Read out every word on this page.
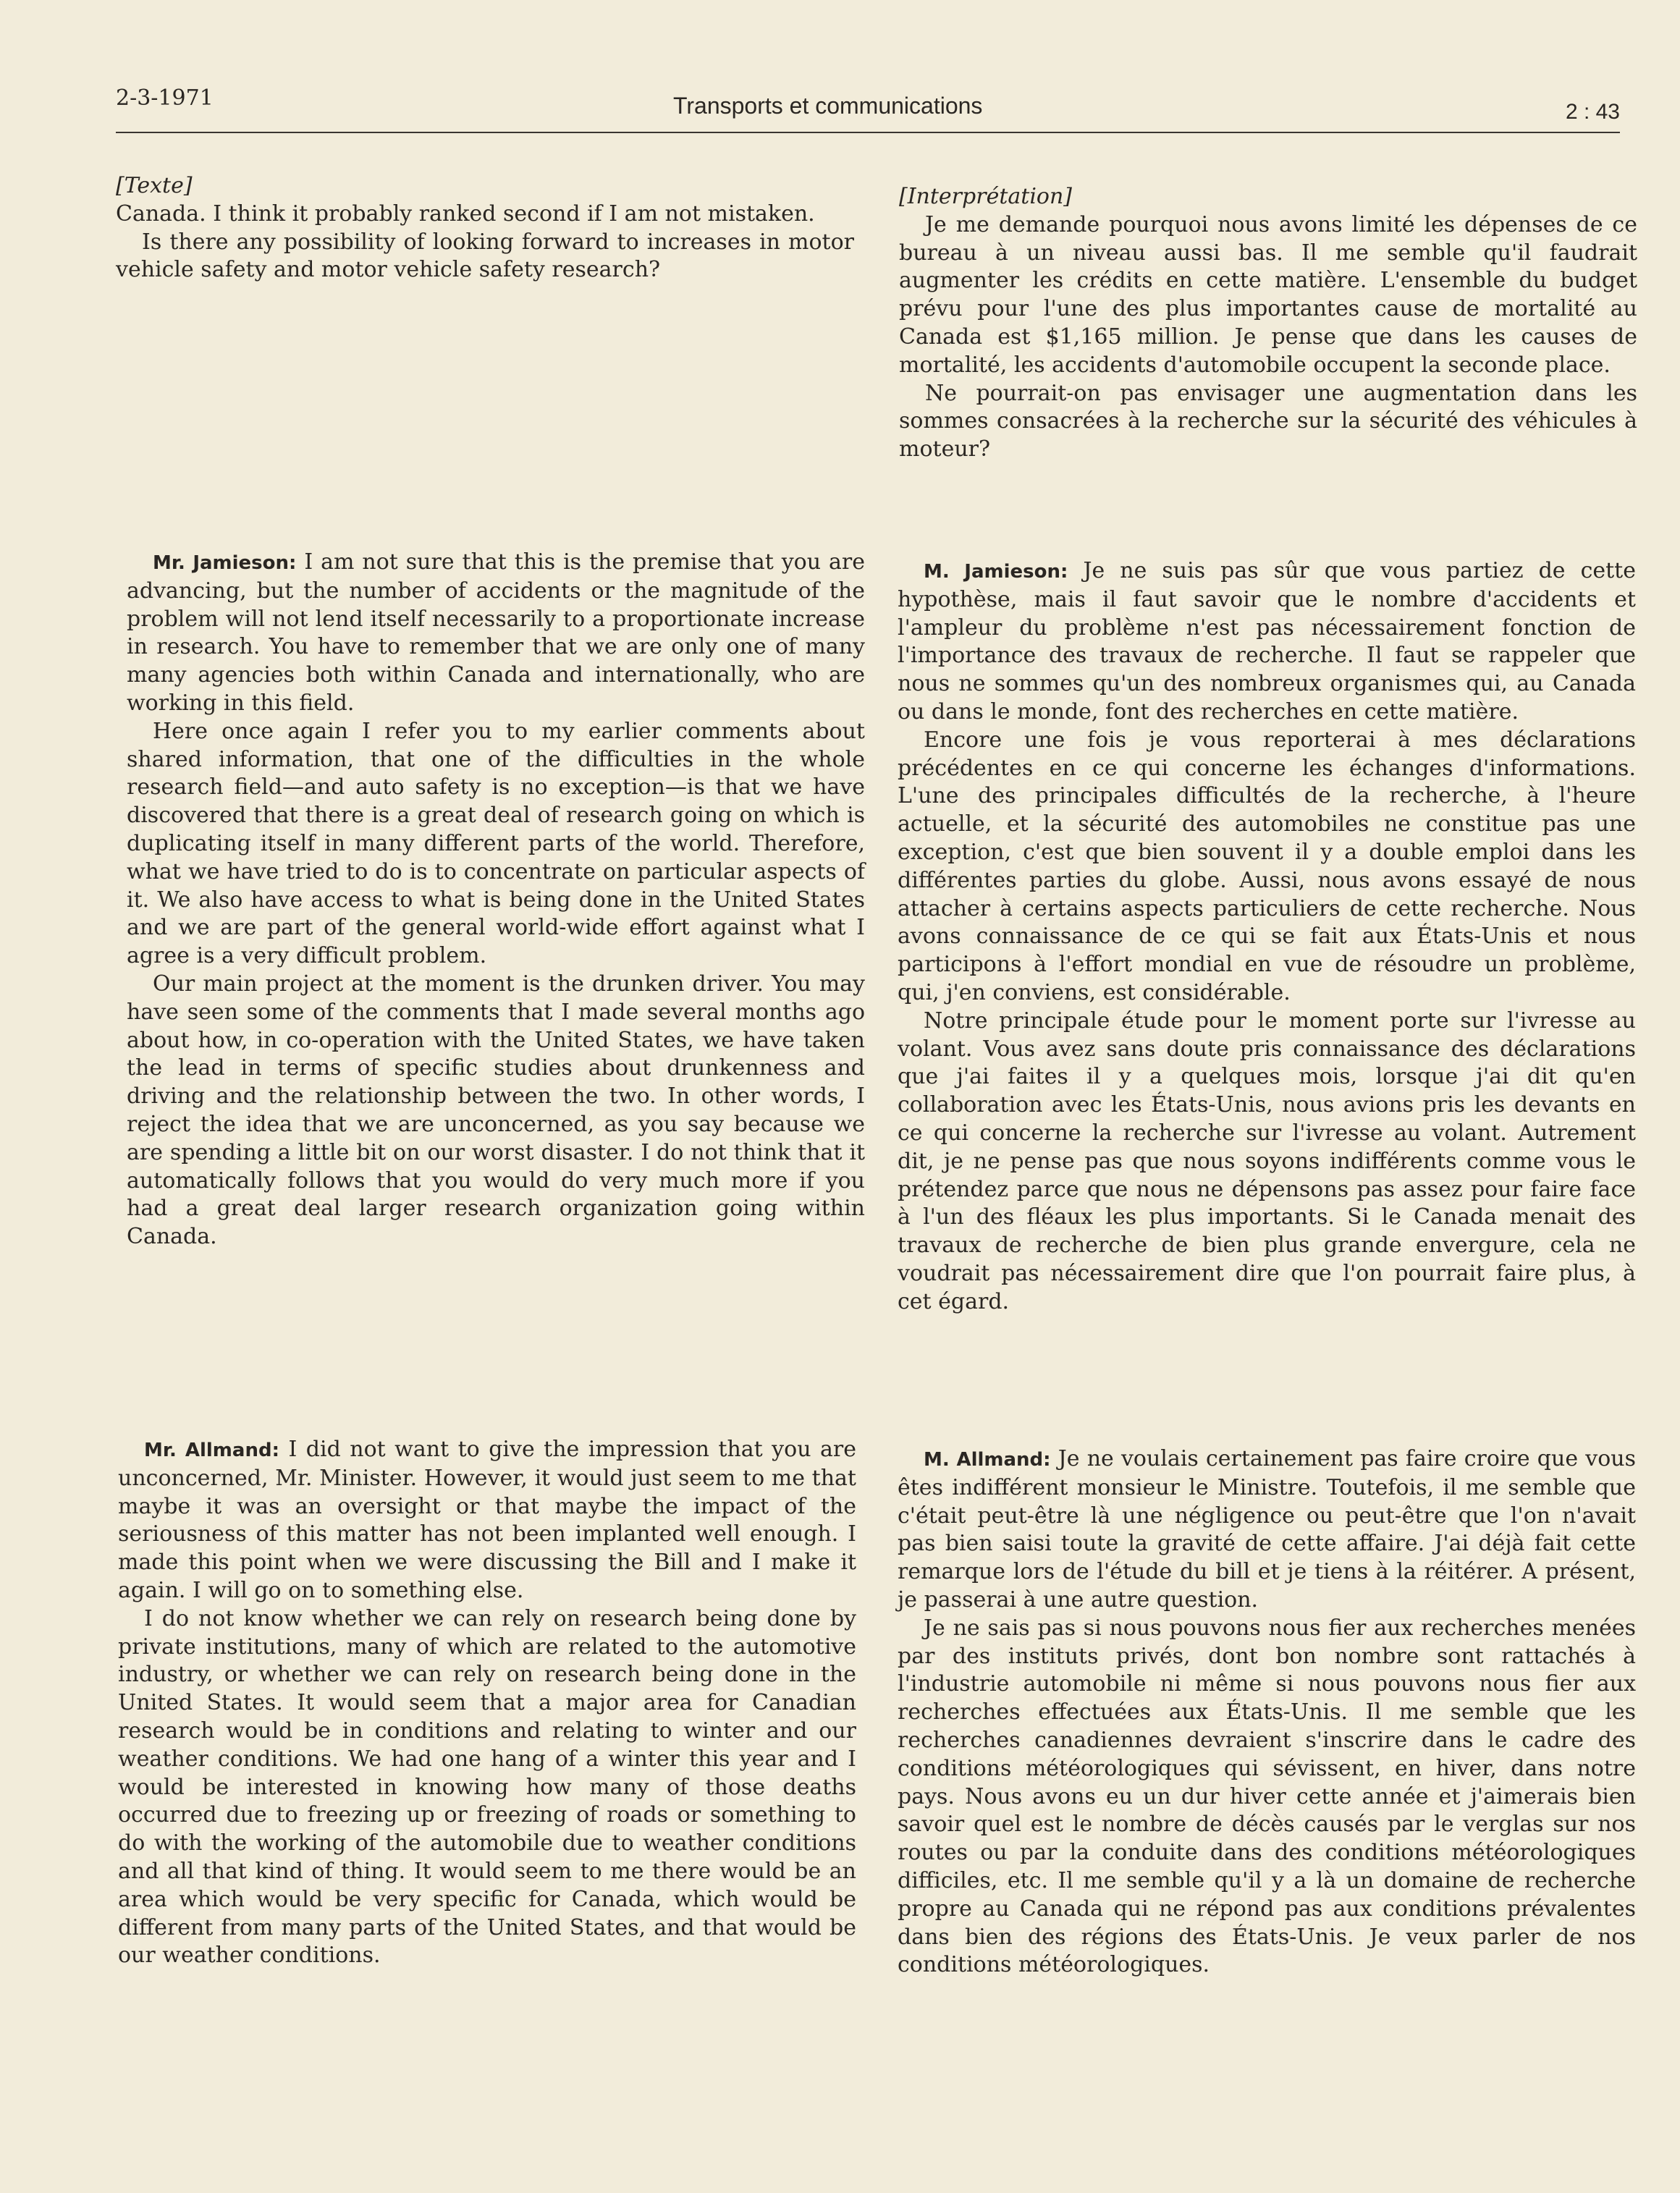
2-3-1971	Transports et communications	2 : 43

[Texte]

Canada. I think it probably ranked second if I am not mistaken.

Is there any possibility of looking forward to increases in motor vehicle safety and motor vehicle safety research?

[Interprétation]

Je me demande pourquoi nous avons limité les dépenses de ce bureau à un niveau aussi bas. Il me semble qu'il faudrait augmenter les crédits en cette matière. L'ensemble du budget prévu pour l'une des plus importantes cause de mortalité au Canada est $1,165 million. Je pense que dans les causes de mortalité, les accidents d'automobile occupent la seconde place.

Ne pourrait-on pas envisager une augmentation dans les sommes consacrées à la recherche sur la sécurité des véhicules à moteur?

Mr. Jamieson: I am not sure that this is the premise that you are advancing, but the number of accidents or the magnitude of the problem will not lend itself necessarily to a proportionate increase in research. You have to remember that we are only one of many many agencies both within Canada and internationally, who are working in this field.

Here once again I refer you to my earlier comments about shared information, that one of the difficulties in the whole research field—and auto safety is no exception—is that we have discovered that there is a great deal of research going on which is duplicating itself in many different parts of the world. Therefore, what we have tried to do is to concentrate on particular aspects of it. We also have access to what is being done in the United States and we are part of the general world-wide effort against what I agree is a very difficult problem.

Our main project at the moment is the drunken driver. You may have seen some of the comments that I made several months ago about how, in co-operation with the United States, we have taken the lead in terms of specific studies about drunkenness and driving and the relationship between the two. In other words, I reject the idea that we are unconcerned, as you say because we are spending a little bit on our worst disaster. I do not think that it automatically follows that you would do very much more if you had a great deal larger research organization going within Canada.

M. Jamieson: Je ne suis pas sûr que vous partiez de cette hypothèse, mais il faut savoir que le nombre d'accidents et l'ampleur du problème n'est pas nécessairement fonction de l'importance des travaux de recherche. Il faut se rappeler que nous ne sommes qu'un des nombreux organismes qui, au Canada ou dans le monde, font des recherches en cette matière.

Encore une fois je vous reporterai à mes déclarations précédentes en ce qui concerne les échanges d'informations. L'une des principales difficultés de la recherche, à l'heure actuelle, et la sécurité des automobiles ne constitue pas une exception, c'est que bien souvent il y a double emploi dans les différentes parties du globe. Aussi, nous avons essayé de nous attacher à certains aspects particuliers de cette recherche. Nous avons connaissance de ce qui se fait aux États-Unis et nous participons à l'effort mondial en vue de résoudre un problème, qui, j'en conviens, est considérable.

Notre principale étude pour le moment porte sur l'ivresse au volant. Vous avez sans doute pris connaissance des déclarations que j'ai faites il y a quelques mois, lorsque j'ai dit qu'en collaboration avec les États-Unis, nous avions pris les devants en ce qui concerne la recherche sur l'ivresse au volant. Autrement dit, je ne pense pas que nous soyons indifférents comme vous le prétendez parce que nous ne dépensons pas assez pour faire face à l'un des fléaux les plus importants. Si le Canada menait des travaux de recherche de bien plus grande envergure, cela ne voudrait pas nécessairement dire que l'on pourrait faire plus, à cet égard.

Mr. Allmand: I did not want to give the impression that you are unconcerned, Mr. Minister. However, it would just seem to me that maybe it was an oversight or that maybe the impact of the seriousness of this matter has not been implanted well enough. I made this point when we were discussing the Bill and I make it again. I will go on to something else.

I do not know whether we can rely on research being done by private institutions, many of which are related to the automotive industry, or whether we can rely on research being done in the United States. It would seem that a major area for Canadian research would be in conditions and relating to winter and our weather conditions. We had one hang of a winter this year and I would be interested in knowing how many of those deaths occurred due to freezing up or freezing of roads or something to do with the working of the automobile due to weather conditions and all that kind of thing. It would seem to me there would be an area which would be very specific for Canada, which would be different from many parts of the United States, and that would be our weather conditions.

M. Allmand: Je ne voulais certainement pas faire croire que vous êtes indifférent monsieur le Ministre. Toutefois, il me semble que c'était peut-être là une négligence ou peut-être que l'on n'avait pas bien saisi toute la gravité de cette affaire. J'ai déjà fait cette remarque lors de l'étude du bill et je tiens à la réitérer. A présent, je passerai à une autre question.

Je ne sais pas si nous pouvons nous fier aux recherches menées par des instituts privés, dont bon nombre sont rattachés à l'industrie automobile ni même si nous pouvons nous fier aux recherches effectuées aux États-Unis. Il me semble que les recherches canadiennes devraient s'inscrire dans le cadre des conditions météorologiques qui sévissent, en hiver, dans notre pays. Nous avons eu un dur hiver cette année et j'aimerais bien savoir quel est le nombre de décès causés par le verglas sur nos routes ou par la conduite dans des conditions météorologiques difficiles, etc. Il me semble qu'il y a là un domaine de recherche propre au Canada qui ne répond pas aux conditions prévalentes dans bien des régions des États-Unis. Je veux parler de nos conditions météorologiques.
